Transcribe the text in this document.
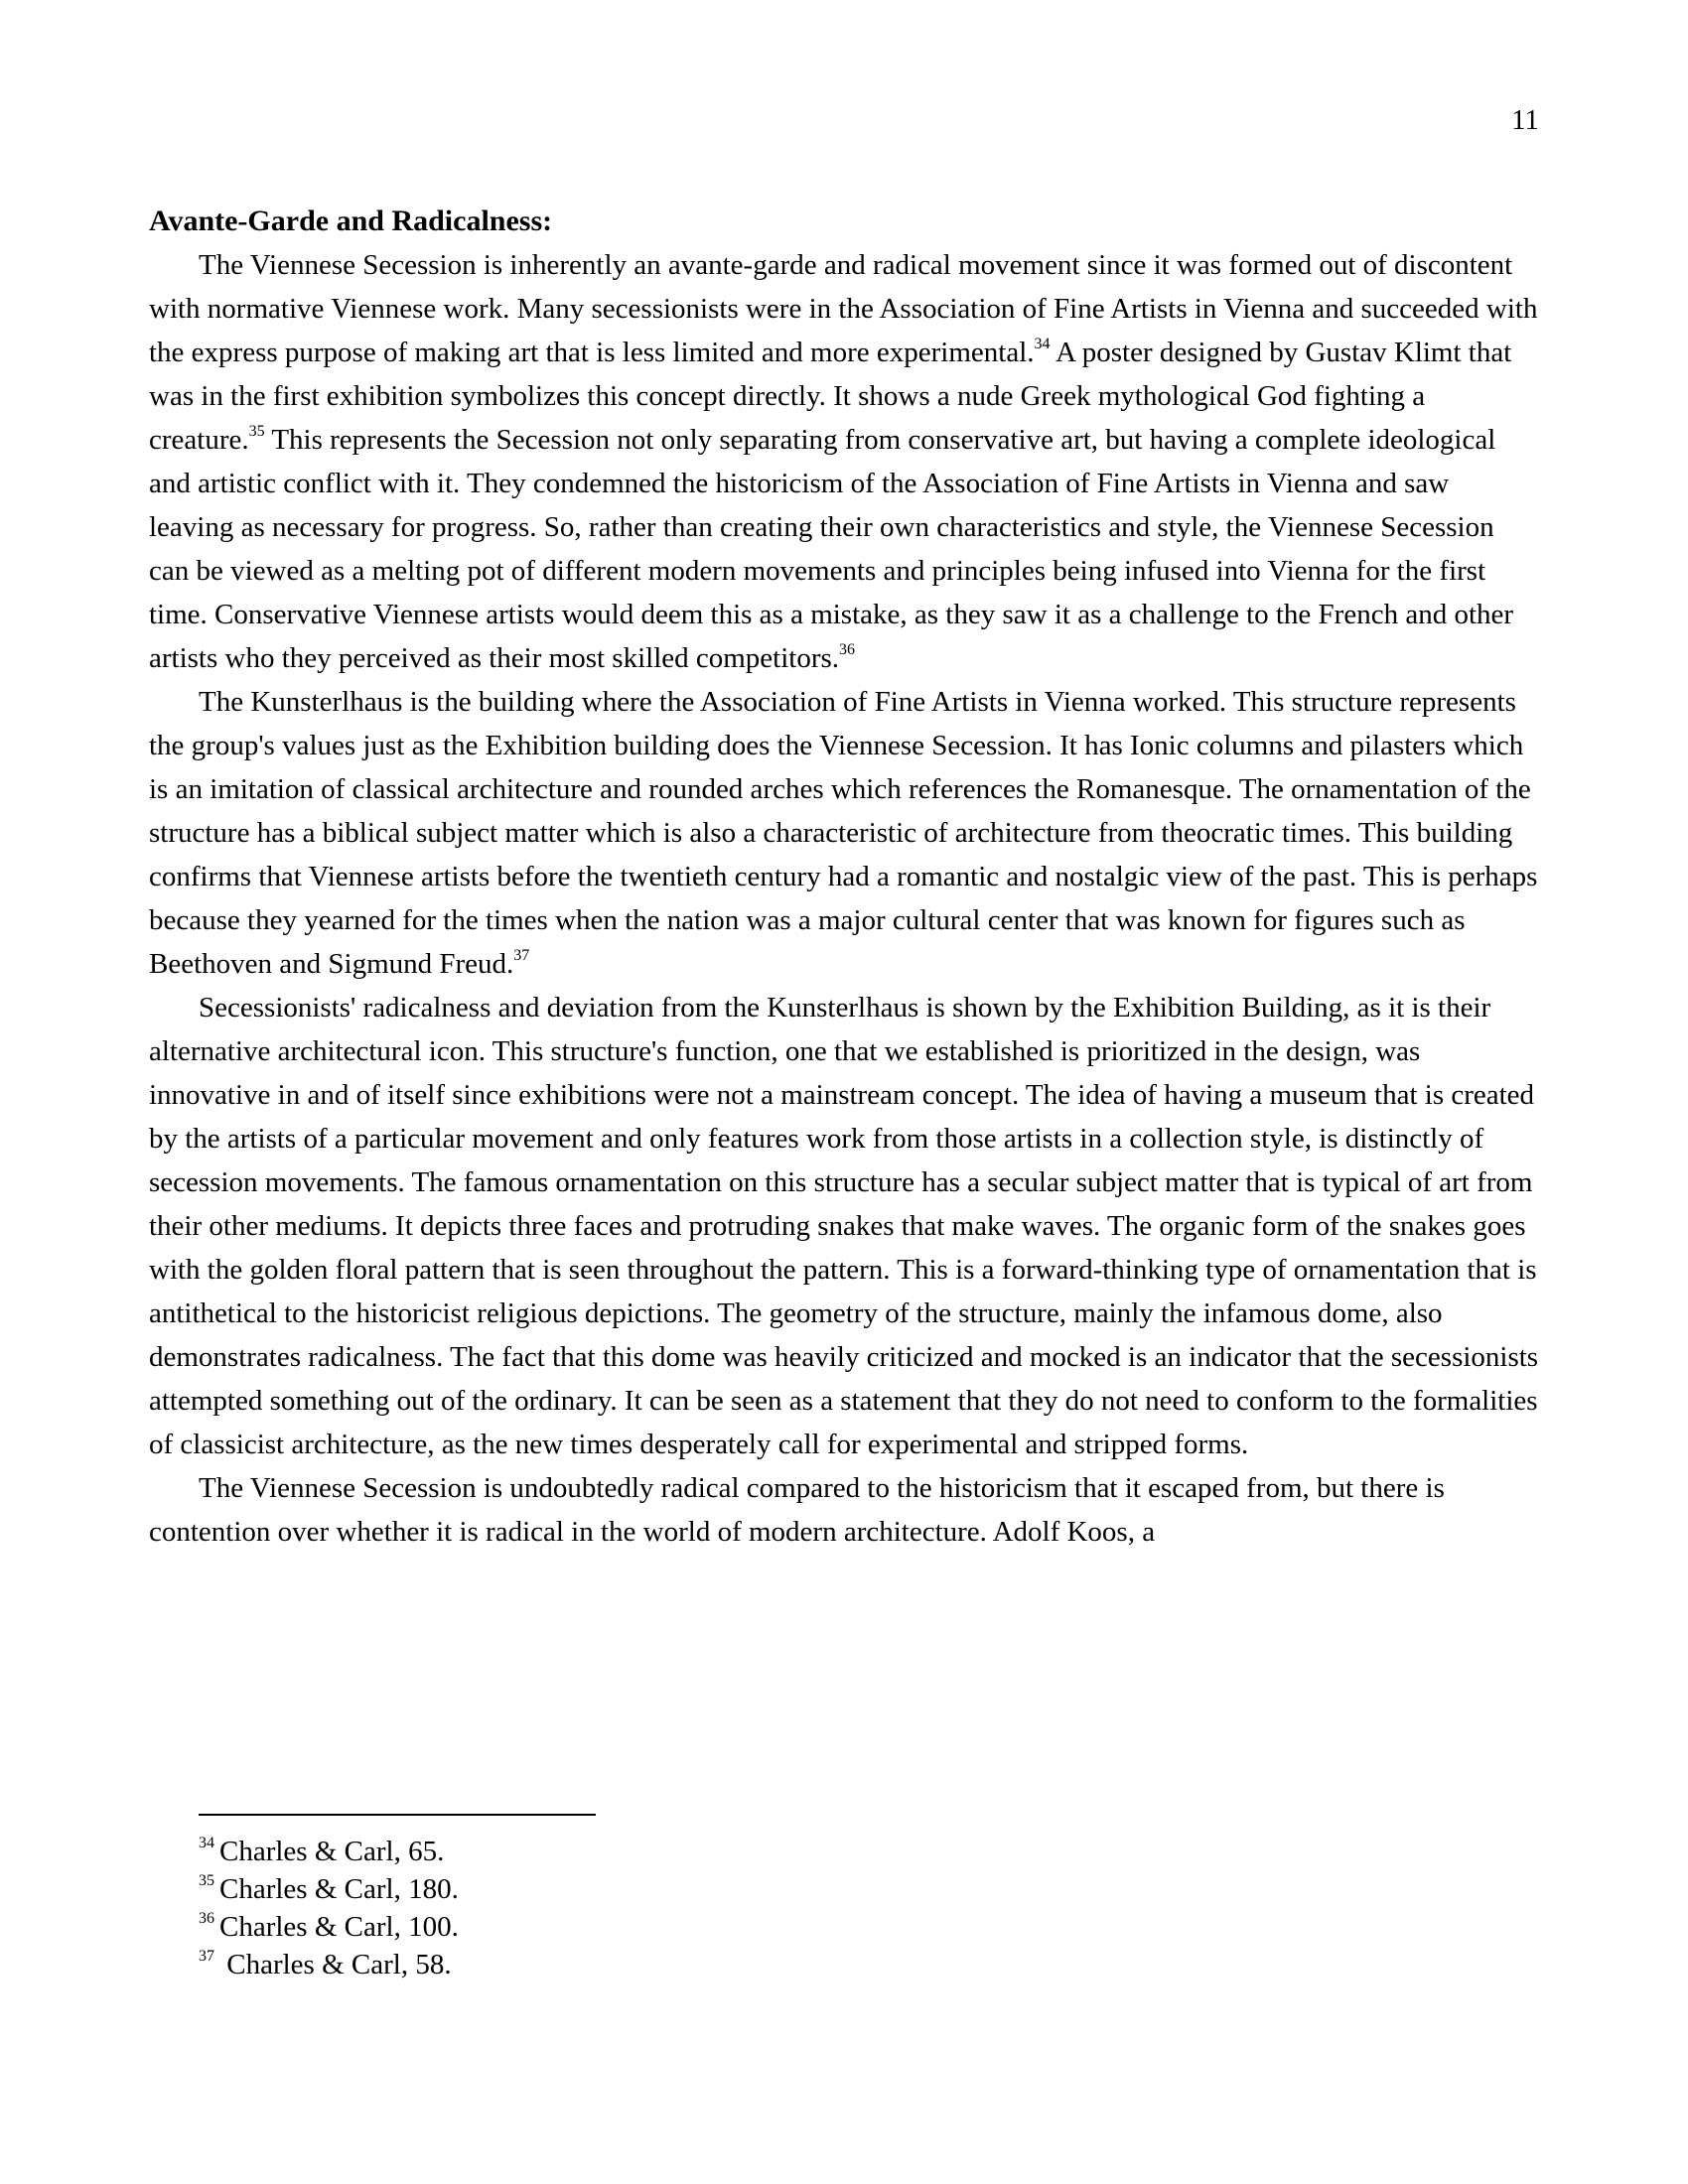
11

Avante-Garde and Radicalness:

The Viennese Secession is inherently an avante-garde and radical movement since it was formed out of discontent with normative Viennese work. Many secessionists were in the Association of Fine Artists in Vienna and succeeded with the express purpose of making art that is less limited and more experimental.$^{34}$ A poster designed by Gustav Klimt that was in the first exhibition symbolizes this concept directly. It shows a nude Greek mythological God fighting a creature.$^{35}$ This represents the Secession not only separating from conservative art, but having a complete ideological and artistic conflict with it. They condemned the historicism of the Association of Fine Artists in Vienna and saw leaving as necessary for progress. So, rather than creating their own characteristics and style, the Viennese Secession can be viewed as a melting pot of different modern movements and principles being infused into Vienna for the first time. Conservative Viennese artists would deem this as a mistake, as they saw it as a challenge to the French and other artists who they perceived as their most skilled competitors.$^{36}$

The Kunsterlhaus is the building where the Association of Fine Artists in Vienna worked. This structure represents the group's values just as the Exhibition building does the Viennese Secession. It has Ionic columns and pilasters which is an imitation of classical architecture and rounded arches which references the Romanesque. The ornamentation of the structure has a biblical subject matter which is also a characteristic of architecture from theocratic times. This building confirms that Viennese artists before the twentieth century had a romantic and nostalgic view of the past. This is perhaps because they yearned for the times when the nation was a major cultural center that was known for figures such as Beethoven and Sigmund Freud.$^{37}$

Secessionists' radicalness and deviation from the Kunsterlhaus is shown by the Exhibition Building, as it is their alternative architectural icon. This structure's function, one that we established is prioritized in the design, was innovative in and of itself since exhibitions were not a mainstream concept. The idea of having a museum that is created by the artists of a particular movement and only features work from those artists in a collection style, is distinctly of secession movements. The famous ornamentation on this structure has a secular subject matter that is typical of art from their other mediums. It depicts three faces and protruding snakes that make waves. The organic form of the snakes goes with the golden floral pattern that is seen throughout the pattern. This is a forward-thinking type of ornamentation that is antithetical to the historicist religious depictions. The geometry of the structure, mainly the infamous dome, also demonstrates radicalness. The fact that this dome was heavily criticized and mocked is an indicator that the secessionists attempted something out of the ordinary. It can be seen as a statement that they do not need to conform to the formalities of classicist architecture, as the new times desperately call for experimental and stripped forms.

The Viennese Secession is undoubtedly radical compared to the historicism that it escaped from, but there is contention over whether it is radical in the world of modern architecture. Adolf Koos, a

$^{34}$ Charles & Carl, 65.

$^{35}$ Charles & Carl, 180.

$^{36}$ Charles & Carl, 100.

$^{37}$ Charles & Carl, 58.
